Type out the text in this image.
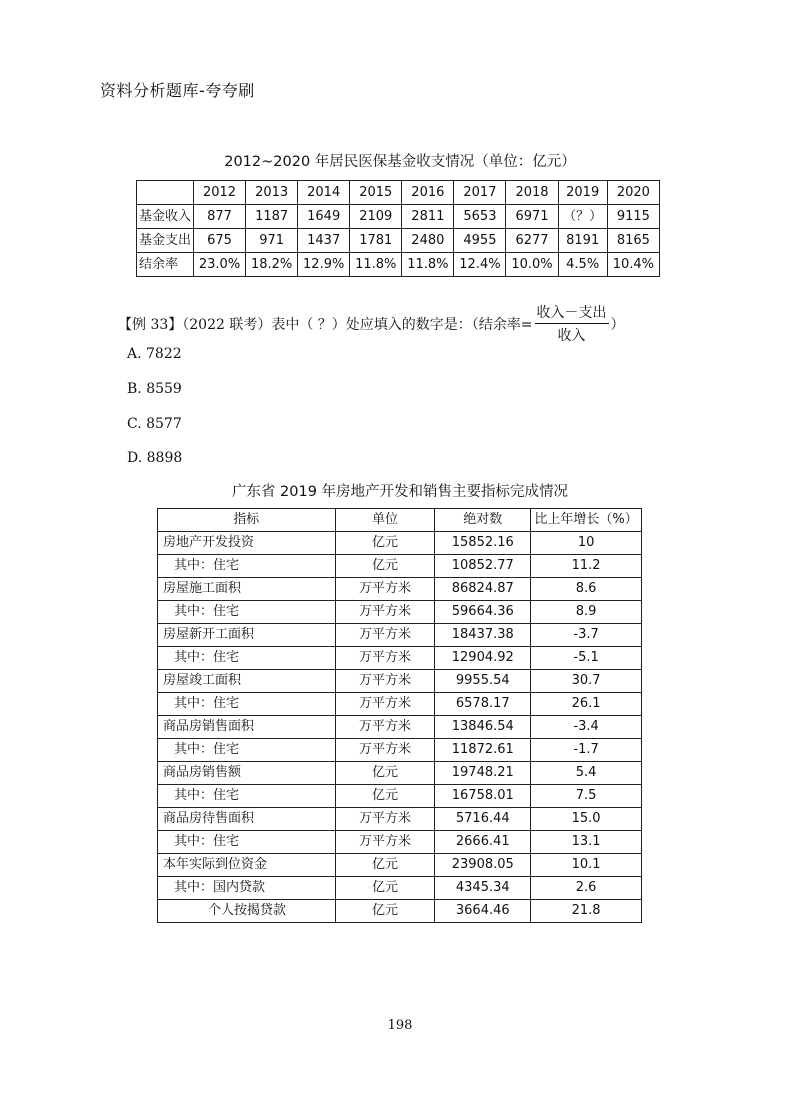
资料分析题库-夸夸刷
2012~2020 年居民医保基金收支情况（单位：亿元）
	2012	2013	2014	2015	2016	2017	2018	2019	2020
基金收入	877	1187	1649	2109	2811	5653	6971	（？）	9115
基金支出	675	971	1437	1781	2480	4955	6277	8191	8165
结余率	23.0%	18.2%	12.9%	11.8%	11.8%	12.4%	10.0%	4.5%	10.4%
【例 33】（2022 联考）表中（ ？）处应填入的数字是：（结余率= $\frac{\text{收入－支出}}{\text{收入}}$ ）
A. 7822
B. 8559
C. 8577
D. 8898
广东省 2019 年房地产开发和销售主要指标完成情况
指标	单位	绝对数	比上年增长（%）
房地产开发投资	亿元	15852.16	10
其中：住宅	亿元	10852.77	11.2
房屋施工面积	万平方米	86824.87	8.6
其中：住宅	万平方米	59664.36	8.9
房屋新开工面积	万平方米	18437.38	-3.7
其中：住宅	万平方米	12904.92	-5.1
房屋竣工面积	万平方米	9955.54	30.7
其中：住宅	万平方米	6578.17	26.1
商品房销售面积	万平方米	13846.54	-3.4
其中：住宅	万平方米	11872.61	-1.7
商品房销售额	亿元	19748.21	5.4
其中：住宅	亿元	16758.01	7.5
商品房待售面积	万平方米	5716.44	15.0
其中：住宅	万平方米	2666.41	13.1
本年实际到位资金	亿元	23908.05	10.1
其中：国内贷款	亿元	4345.34	2.6
个人按揭贷款	亿元	3664.46	21.8
198
